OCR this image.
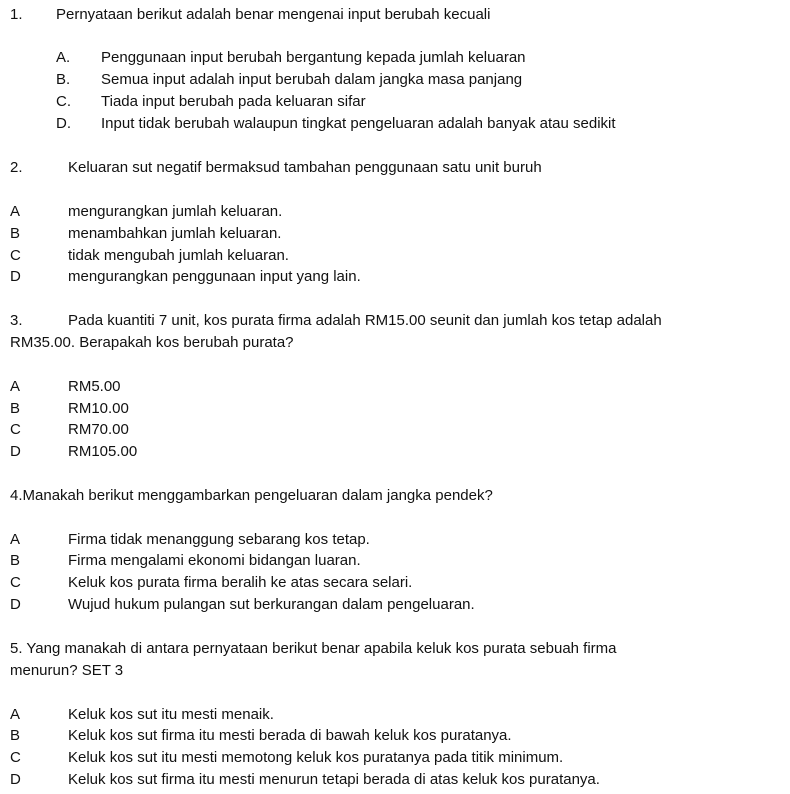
1. Pernyataan berikut adalah benar mengenai input berubah kecuali
A. Penggunaan input berubah bergantung kepada jumlah keluaran
B. Semua input adalah input berubah dalam jangka masa panjang
C. Tiada input berubah pada keluaran sifar
D. Input tidak berubah walaupun tingkat pengeluaran adalah banyak atau sedikit
2.	Keluaran sut negatif bermaksud tambahan penggunaan satu unit buruh
A	mengurangkan jumlah keluaran.
B	menambahkan jumlah keluaran.
C	tidak mengubah jumlah keluaran.
D	mengurangkan penggunaan input yang lain.
3.	Pada kuantiti 7 unit, kos purata firma adalah RM15.00 seunit dan jumlah kos tetap adalah
RM35.00. Berapakah kos berubah purata?
A	RM5.00
B	RM10.00
C	RM70.00
D	RM105.00
4.Manakah berikut menggambarkan pengeluaran dalam jangka pendek?
A	Firma tidak menanggung sebarang kos tetap.
B	Firma mengalami ekonomi bidangan luaran.
C	Keluk kos purata firma beralih ke atas secara selari.
D	Wujud hukum pulangan sut berkurangan dalam pengeluaran.
5. Yang manakah di antara pernyataan berikut benar apabila keluk kos purata sebuah firma
menurun? SET 3
A	Keluk kos sut itu mesti menaik.
B	Keluk kos sut firma itu mesti berada di bawah keluk kos puratanya.
C	Keluk kos sut itu mesti memotong keluk kos puratanya pada titik minimum.
D	Keluk kos sut firma itu mesti menurun tetapi berada di atas keluk kos puratanya.
